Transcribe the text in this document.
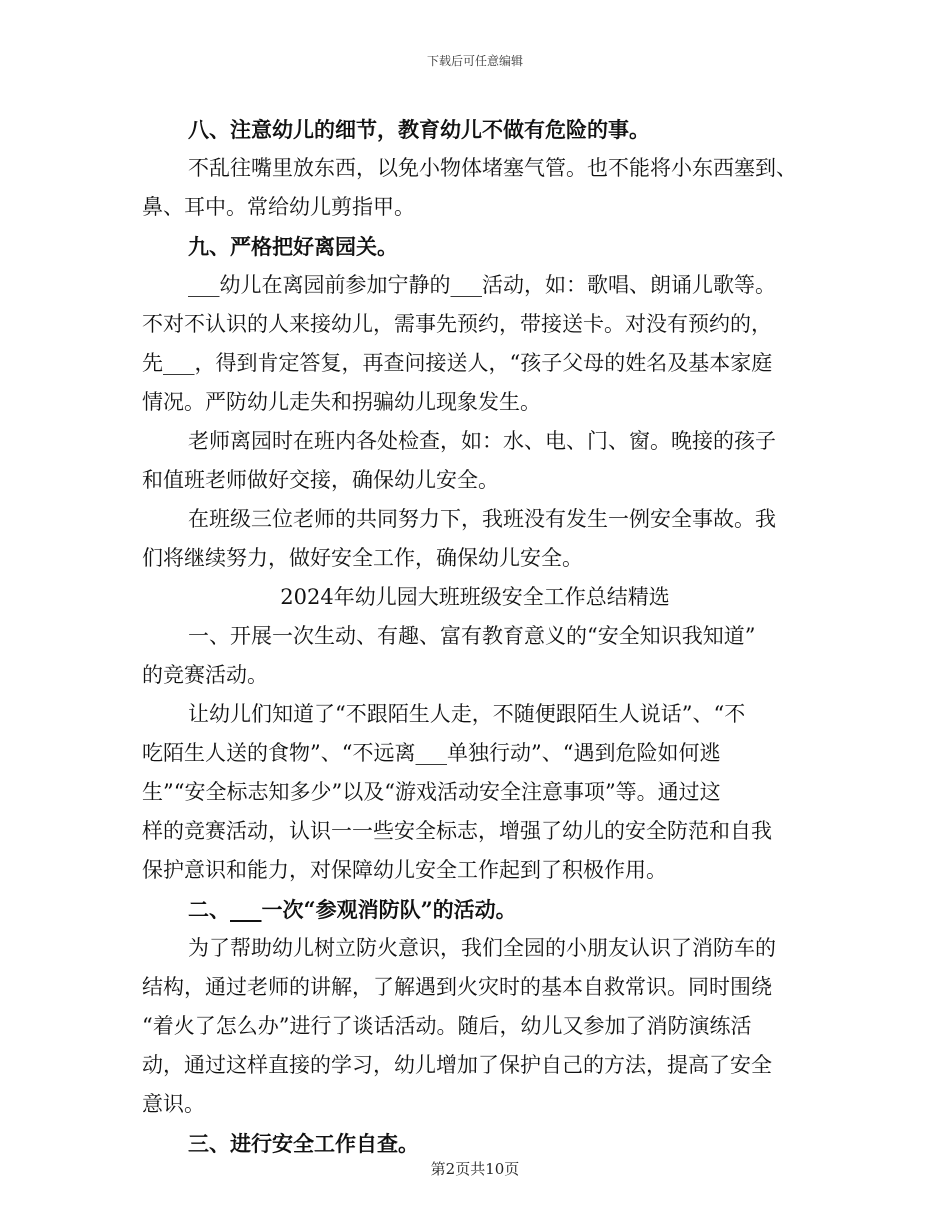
下载后可任意编辑
八、注意幼儿的细节，教育幼儿不做有危险的事。
不乱往嘴里放东西，以免小物体堵塞气管。也不能将小东西塞到、
鼻、耳中。常给幼儿剪指甲。
九、严格把好离园关。
___幼儿在离园前参加宁静的___活动，如：歌唱、朗诵儿歌等。
不对不认识的人来接幼儿，需事先预约，带接送卡。对没有预约的，
先___，得到肯定答复，再查问接送人，“孩子父母的姓名及基本家庭
情况。严防幼儿走失和拐骗幼儿现象发生。
老师离园时在班内各处检查，如：水、电、门、窗。晚接的孩子
和值班老师做好交接，确保幼儿安全。
在班级三位老师的共同努力下，我班没有发生一例安全事故。我
们将继续努力，做好安全工作，确保幼儿安全。
2024年幼儿园大班班级安全工作总结精选
一、开展一次生动、有趣、富有教育意义的“安全知识我知道”
的竞赛活动。
让幼儿们知道了“不跟陌生人走，不随便跟陌生人说话”、“不
吃陌生人送的食物”、“不远离___单独行动”、“遇到危险如何逃
生”“安全标志知多少”以及“游戏活动安全注意事项”等。通过这
样的竞赛活动，认识一一些安全标志，增强了幼儿的安全防范和自我
保护意识和能力，对保障幼儿安全工作起到了积极作用。
二、___一次“参观消防队”的活动。
为了帮助幼儿树立防火意识，我们全园的小朋友认识了消防车的
结构，通过老师的讲解，了解遇到火灾时的基本自救常识。同时围绕
“着火了怎么办”进行了谈话活动。随后，幼儿又参加了消防演练活
动，通过这样直接的学习，幼儿增加了保护自己的方法，提高了安全
意识。
三、进行安全工作自查。
第2页共10页
